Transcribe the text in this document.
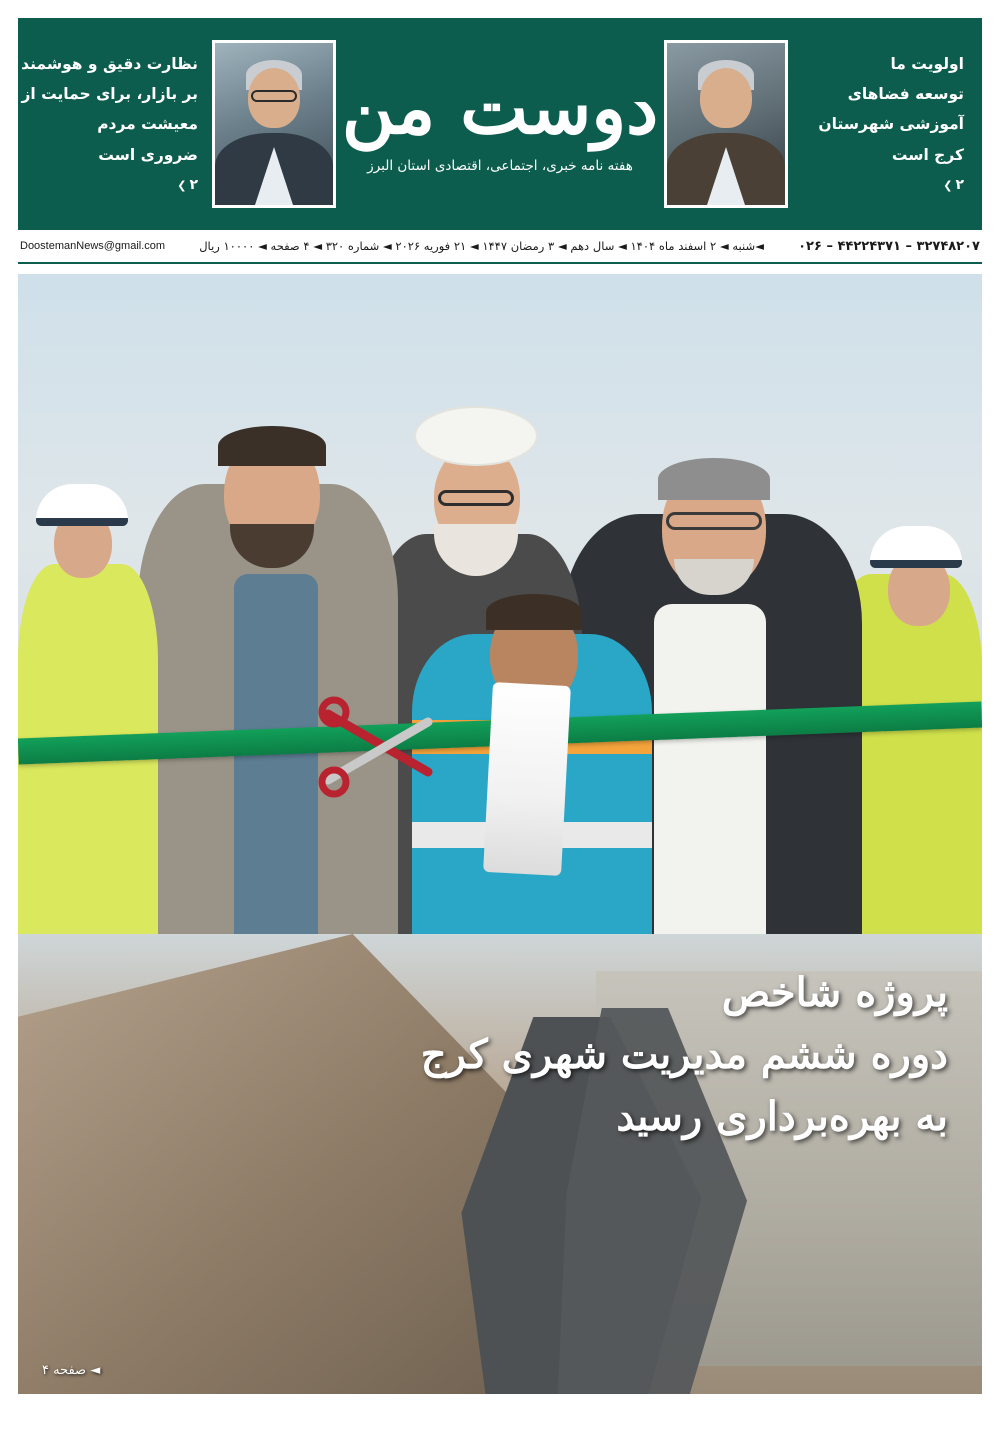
اولویت ما توسعه فضاهای آموزشی شهرستان کرج است
۲
❯
دوست من
هفته نامه خبری، اجتماعی، اقتصادی استان البرز
نظارت دقیق و هوشمند بر بازار، برای حمایت از معیشت مردم ضروری است
۲
❯
۰۲۶ – ۴۴۲۲۴۳۷۱ – ۳۲۷۴۸۲۰۷
◄شنبه ◄ ۲ اسفند ماه ۱۴۰۴ ◄ سال دهم ◄ ۳ رمضان ۱۴۴۷ ◄ ۲۱ فوریه ۲۰۲۶ ◄ شماره ۳۲۰ ◄ ۴ صفحه ◄ ۱۰۰۰۰ ریال
DoostemanNews@gmail.com
پروژه شاخص
دوره ششم مدیریت شهری کرج
به بهره‌برداری رسید
◄ صفحه ۴
